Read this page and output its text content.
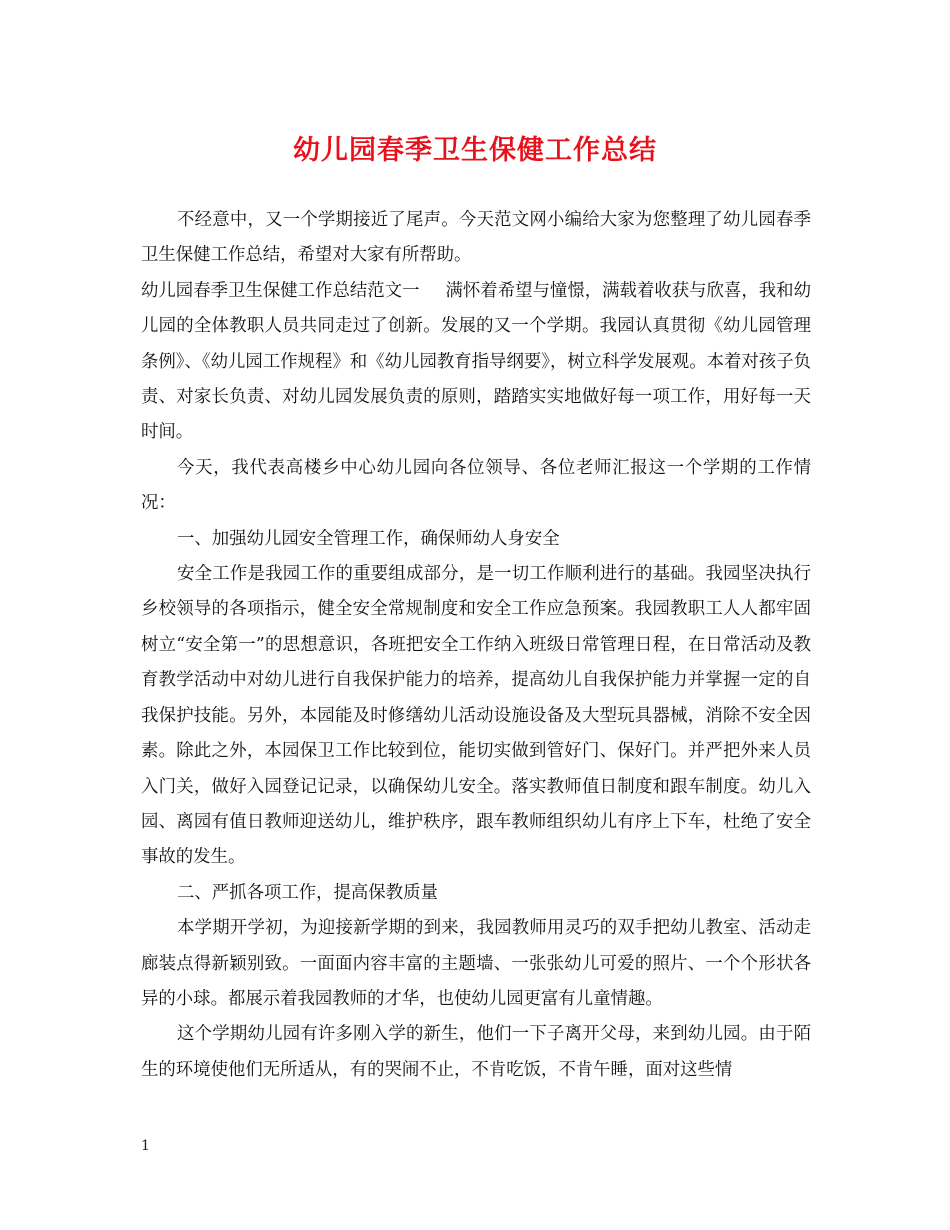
幼儿园春季卫生保健工作总结

不经意中，又一个学期接近了尾声。今天范文网小编给大家为您整理了幼儿园春季卫生保健工作总结，希望对大家有所帮助。

幼儿园春季卫生保健工作总结范文一 满怀着希望与憧憬，满载着收获与欣喜，我和幼儿园的全体教职人员共同走过了创新。发展的又一个学期。我园认真贯彻《幼儿园管理条例》、《幼儿园工作规程》和《幼儿园教育指导纲要》，树立科学发展观。本着对孩子负责、对家长负责、对幼儿园发展负责的原则，踏踏实实地做好每一项工作，用好每一天时间。

今天，我代表高楼乡中心幼儿园向各位领导、各位老师汇报这一个学期的工作情况：

一、加强幼儿园安全管理工作，确保师幼人身安全

安全工作是我园工作的重要组成部分，是一切工作顺利进行的基础。我园坚决执行乡校领导的各项指示，健全安全常规制度和安全工作应急预案。我园教职工人人都牢固树立“安全第一”的思想意识，各班把安全工作纳入班级日常管理日程，在日常活动及教育教学活动中对幼儿进行自我保护能力的培养，提高幼儿自我保护能力并掌握一定的自我保护技能。另外，本园能及时修缮幼儿活动设施设备及大型玩具器械，消除不安全因素。除此之外，本园保卫工作比较到位，能切实做到管好门、保好门。并严把外来人员入门关，做好入园登记记录，以确保幼儿安全。落实教师值日制度和跟车制度。幼儿入园、离园有值日教师迎送幼儿，维护秩序，跟车教师组织幼儿有序上下车，杜绝了安全事故的发生。

二、严抓各项工作，提高保教质量

本学期开学初，为迎接新学期的到来，我园教师用灵巧的双手把幼儿教室、活动走廊装点得新颖别致。一面面内容丰富的主题墙、一张张幼儿可爱的照片、一个个形状各异的小球。都展示着我园教师的才华，也使幼儿园更富有儿童情趣。

这个学期幼儿园有许多刚入学的新生，他们一下子离开父母，来到幼儿园。由于陌生的环境使他们无所适从，有的哭闹不止，不肯吃饭，不肯午睡，面对这些情

1
